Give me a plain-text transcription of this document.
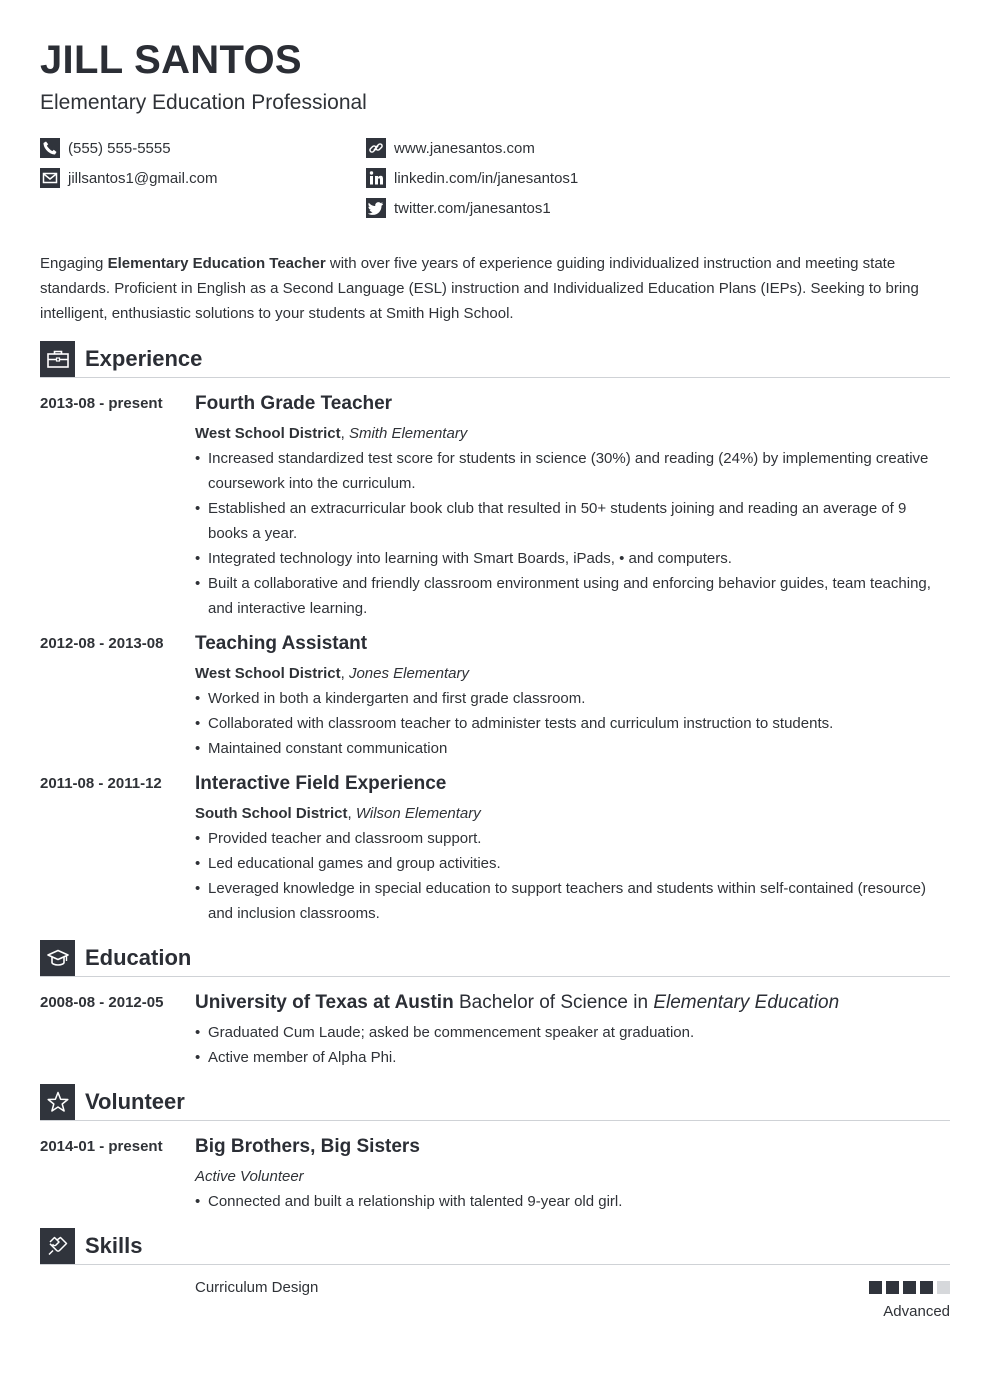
JILL SANTOS
Elementary Education Professional
(555) 555-5555
jillsantos1@gmail.com
www.janesantos.com
linkedin.com/in/janesantos1
twitter.com/janesantos1
Engaging Elementary Education Teacher with over five years of experience guiding individualized instruction and meeting state standards. Proficient in English as a Second Language (ESL) instruction and Individualized Education Plans (IEPs). Seeking to bring intelligent, enthusiastic solutions to your students at Smith High School.
Experience
2013-08 - present Fourth Grade Teacher
West School District, Smith Elementary
• Increased standardized test score for students in science (30%) and reading (24%) by implementing creative coursework into the curriculum.
• Established an extracurricular book club that resulted in 50+ students joining and reading an average of 9 books a year.
• Integrated technology into learning with Smart Boards, iPads, • and computers.
• Built a collaborative and friendly classroom environment using and enforcing behavior guides, team teaching, and interactive learning.
2012-08 - 2013-08 Teaching Assistant
West School District, Jones Elementary
• Worked in both a kindergarten and first grade classroom.
• Collaborated with classroom teacher to administer tests and curriculum instruction to students.
• Maintained constant communication
2011-08 - 2011-12 Interactive Field Experience
South School District, Wilson Elementary
• Provided teacher and classroom support.
• Led educational games and group activities.
• Leveraged knowledge in special education to support teachers and students within self-contained (resource) and inclusion classrooms.
Education
2008-08 - 2012-05 University of Texas at Austin Bachelor of Science in Elementary Education
• Graduated Cum Laude; asked be commencement speaker at graduation.
• Active member of Alpha Phi.
Volunteer
2014-01 - present Big Brothers, Big Sisters
Active Volunteer
• Connected and built a relationship with talented 9-year old girl.
Skills
Curriculum Design
Advanced
